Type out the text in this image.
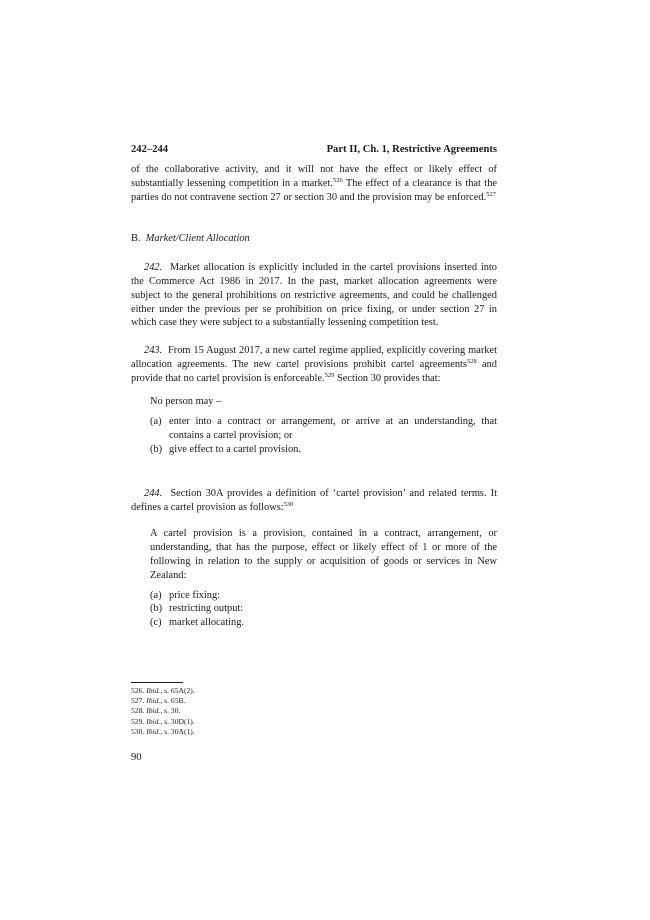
242–244	Part II, Ch. 1, Restrictive Agreements

of the collaborative activity, and it will not have the effect or likely effect of substantially lessening competition in a market.$^{526}$ The effect of a clearance is that the parties do not contravene section 27 or section 30 and the provision may be enforced.$^{527}$

B. Market/Client Allocation

242. Market allocation is explicitly included in the cartel provisions inserted into the Commerce Act 1986 in 2017. In the past, market allocation agreements were subject to the general prohibitions on restrictive agreements, and could be challenged either under the previous per se prohibition on price fixing, or under section 27 in which case they were subject to a substantially lessening competition test.

243. From 15 August 2017, a new cartel regime applied, explicitly covering market allocation agreements. The new cartel provisions prohibit cartel agreements$^{528}$ and provide that no cartel provision is enforceable.$^{529}$ Section 30 provides that:

No person may –
(a) enter into a contract or arrangement, or arrive at an understanding, that contains a cartel provision; or
(b) give effect to a cartel provision.

244. Section 30A provides a definition of ‘cartel provision’ and related terms. It defines a cartel provision as follows:$^{530}$

A cartel provision is a provision, contained in a contract, arrangement, or understanding, that has the purpose, effect or likely effect of 1 or more of the following in relation to the supply or acquisition of goods or services in New Zealand:

(a) price fixing:
(b) restricting output:
(c) market allocating.
526. Ibid., s. 65A(2).
527. Ibid., s. 65B.
528. Ibid., s. 30.
529. Ibid., s. 30D(1).
530. Ibid., s. 30A(1).
90
